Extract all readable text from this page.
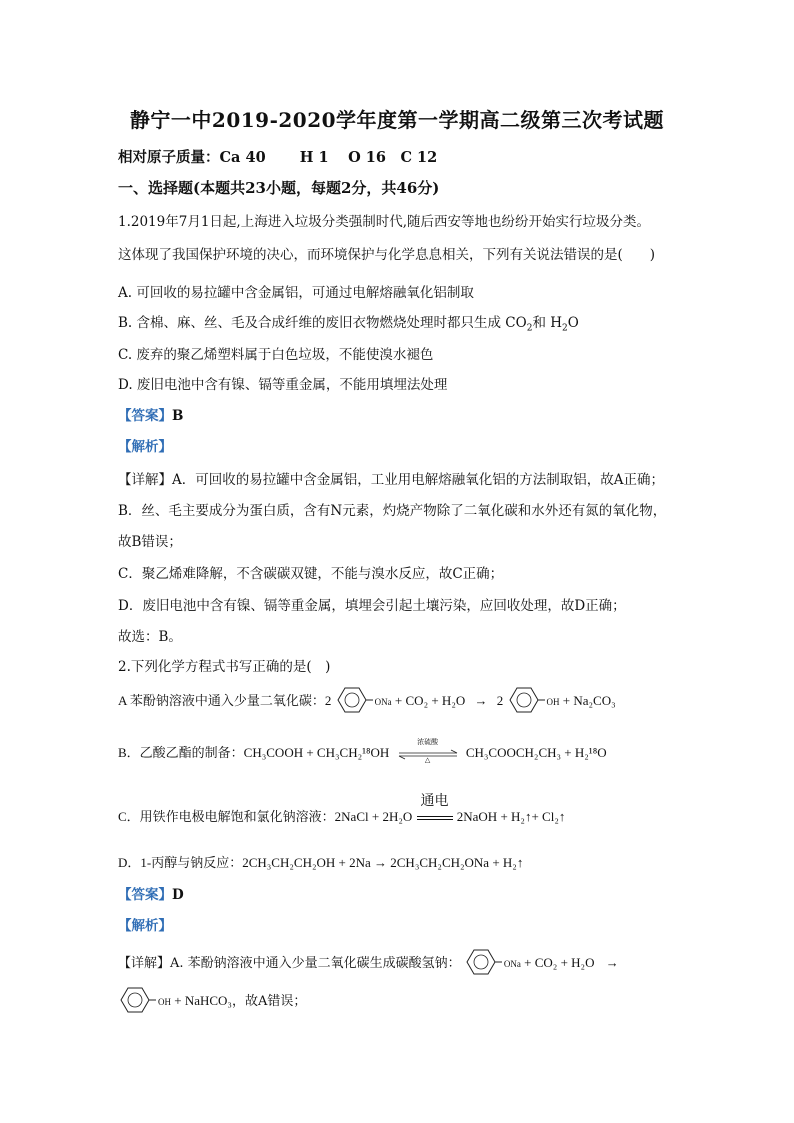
静宁一中2019-2020学年度第一学期高二级第三次考试题
相对原子质量：Ca 40　　 H 1　 O 16　C 12
一、选择题(本题共23小题，每题2分，共46分)
1.2019年7月1日起,上海进入垃圾分类强制时代,随后西安等地也纷纷开始实行垃圾分类。
这体现了我国保护环境的决心，而环境保护与化学息息相关，下列有关说法错误的是(　　)
A. 可回收的易拉罐中含金属铝，可通过电解熔融氧化铝制取
B. 含棉、麻、丝、毛及合成纤维的废旧衣物燃烧处理时都只生成 $CO_2$和 $H_2O$
C. 废弃的聚乙烯塑料属于白色垃圾，不能使溴水褪色
D. 废旧电池中含有镍、镉等重金属，不能用填埋法处理
【答案】B
【解析】
【详解】A．可回收的易拉罐中含金属铝，工业用电解熔融氧化铝的方法制取铝，故A正确；
B．丝、毛主要成分为蛋白质，含有N元素，灼烧产物除了二氧化碳和水外还有氮的氧化物，
故B错误；
C．聚乙烯难降解，不含碳碳双键，不能与溴水反应，故C正确；
D．废旧电池中含有镍、镉等重金属，填埋会引起土壤污染，应回收处理，故D正确；
故选：B。
2.下列化学方程式书写正确的是(　)
A 苯酚钠溶液中通入少量二氧化碳：2	ONa + CO₂ + H₂O → 2	OH + Na₂CO₃
B．乙酸乙酯的制备：CH₃COOH + CH₃CH₂¹⁸OH
浓硫酸
△
CH₃COOCH₂CH₃ + H₂¹⁸O
C．用铁作电极电解饱和氯化钠溶液：2NaCl + 2H₂O
通电
2NaOH + H₂↑+ Cl₂↑
D．1-丙醇与钠反应：2CH₃CH₂CH₂OH + 2Na → 2CH₃CH₂CH₂ONa + H₂↑
【答案】D
【解析】
【详解】A. 苯酚钠溶液中通入少量二氧化碳生成碳酸氢钠：	ONa + CO₂ + H₂O →
OH + NaHCO₃，故A错误；
